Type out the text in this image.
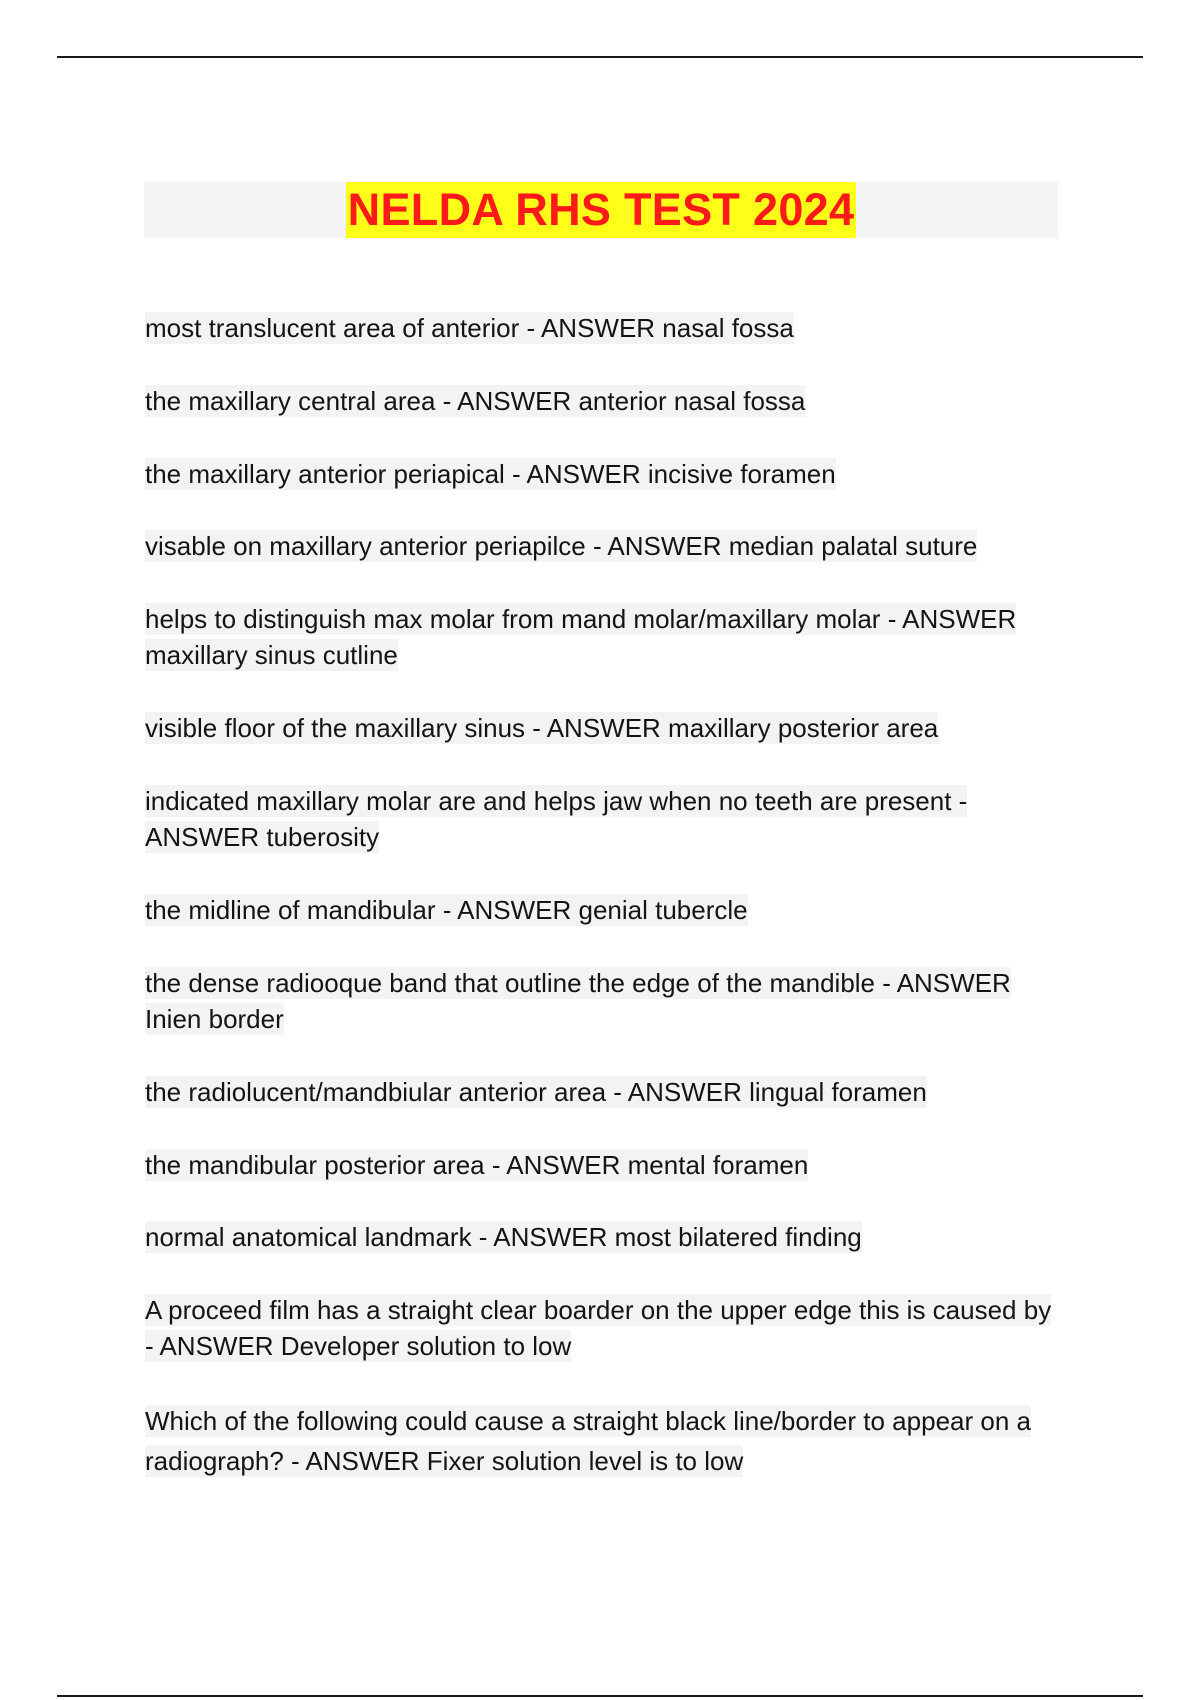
NELDA RHS TEST 2024
most translucent area of anterior - ANSWER nasal fossa
the maxillary central area - ANSWER anterior nasal fossa
the maxillary anterior periapical - ANSWER incisive foramen
visable on maxillary anterior periapilce - ANSWER median palatal suture
helps to distinguish max molar from mand molar/maxillary molar - ANSWER maxillary sinus cutline
visible floor of the maxillary sinus - ANSWER maxillary posterior area
indicated maxillary molar are and helps jaw when no teeth are present - ANSWER tuberosity
the midline of mandibular - ANSWER genial tubercle
the dense radiooque band that outline the edge of the mandible - ANSWER Inien border
the radiolucent/mandbiular anterior area - ANSWER lingual foramen
the mandibular posterior area - ANSWER mental foramen
normal anatomical landmark - ANSWER most bilatered finding
A proceed film has a straight clear boarder on the upper edge this is caused by - ANSWER Developer solution to low
Which of the following could cause a straight black line/border to appear on a radiograph? - ANSWER Fixer solution level is to low
